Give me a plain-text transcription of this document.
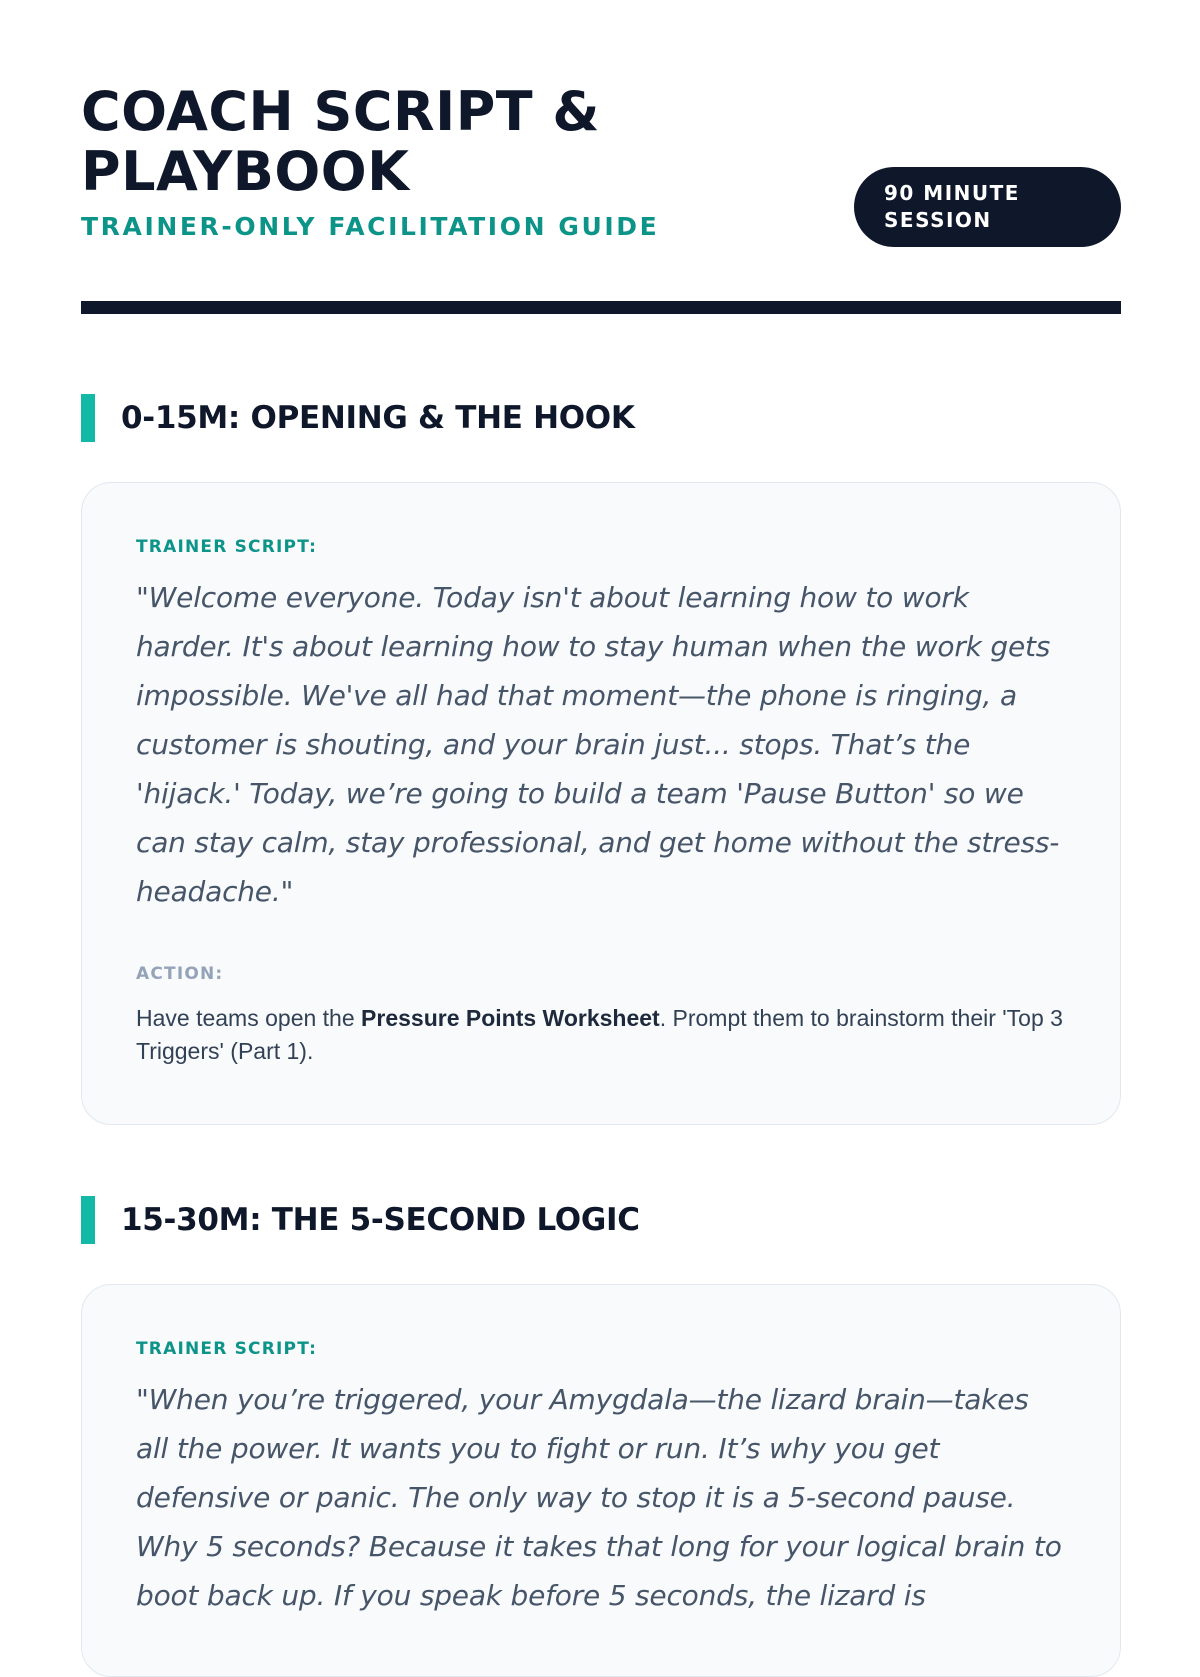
COACH SCRIPT &
PLAYBOOK
TRAINER-ONLY FACILITATION GUIDE
90 MINUTE
SESSION
0-15M: OPENING & THE HOOK
TRAINER SCRIPT:
"Welcome everyone. Today isn't about learning how to work harder. It's about learning how to stay human when the work gets impossible. We've all had that moment—the phone is ringing, a customer is shouting, and your brain just... stops. That’s the 'hijack.' Today, we’re going to build a team 'Pause Button' so we can stay calm, stay professional, and get home without the stress-headache."
ACTION:
Have teams open the Pressure Points Worksheet. Prompt them to brainstorm their 'Top 3 Triggers' (Part 1).
15-30M: THE 5-SECOND LOGIC
TRAINER SCRIPT:
"When you’re triggered, your Amygdala—the lizard brain—takes all the power. It wants you to fight or run. It’s why you get defensive or panic. The only way to stop it is a 5-second pause. Why 5 seconds? Because it takes that long for your logical brain to boot back up. If you speak before 5 seconds, the lizard is
